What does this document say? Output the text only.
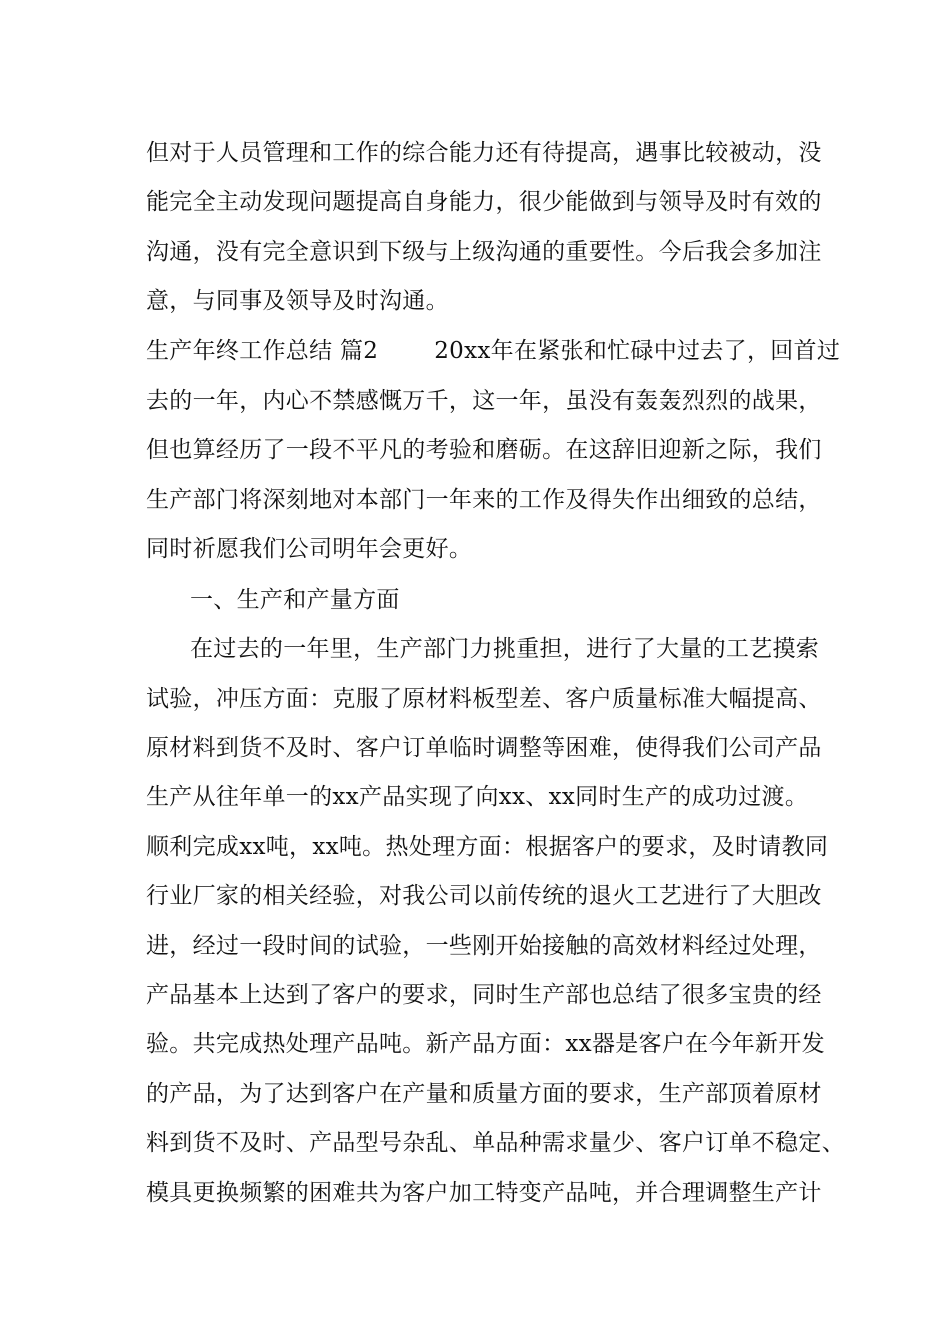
但对于人员管理和工作的综合能力还有待提高，遇事比较被动，没
能完全主动发现问题提高自身能力，很少能做到与领导及时有效的
沟通，没有完全意识到下级与上级沟通的重要性。今后我会多加注
意，与同事及领导及时沟通。
生产年终工作总结 篇2 20xx年在紧张和忙碌中过去了，回首过
去的一年，内心不禁感慨万千，这一年，虽没有轰轰烈烈的战果，
但也算经历了一段不平凡的考验和磨砺。在这辞旧迎新之际，我们
生产部门将深刻地对本部门一年来的工作及得失作出细致的总结，
同时祈愿我们公司明年会更好。
一、生产和产量方面
在过去的一年里，生产部门力挑重担，进行了大量的工艺摸索
试验，冲压方面：克服了原材料板型差、客户质量标准大幅提高、
原材料到货不及时、客户订单临时调整等困难，使得我们公司产品
生产从往年单一的xx产品实现了向xx、xx同时生产的成功过渡。
顺利完成xx吨，xx吨。热处理方面：根据客户的要求，及时请教同
行业厂家的相关经验，对我公司以前传统的退火工艺进行了大胆改
进，经过一段时间的试验，一些刚开始接触的高效材料经过处理，
产品基本上达到了客户的要求，同时生产部也总结了很多宝贵的经
验。共完成热处理产品吨。新产品方面：xx器是客户在今年新开发
的产品，为了达到客户在产量和质量方面的要求，生产部顶着原材
料到货不及时、产品型号杂乱、单品种需求量少、客户订单不稳定、
模具更换频繁的困难共为客户加工特变产品吨，并合理调整生产计
